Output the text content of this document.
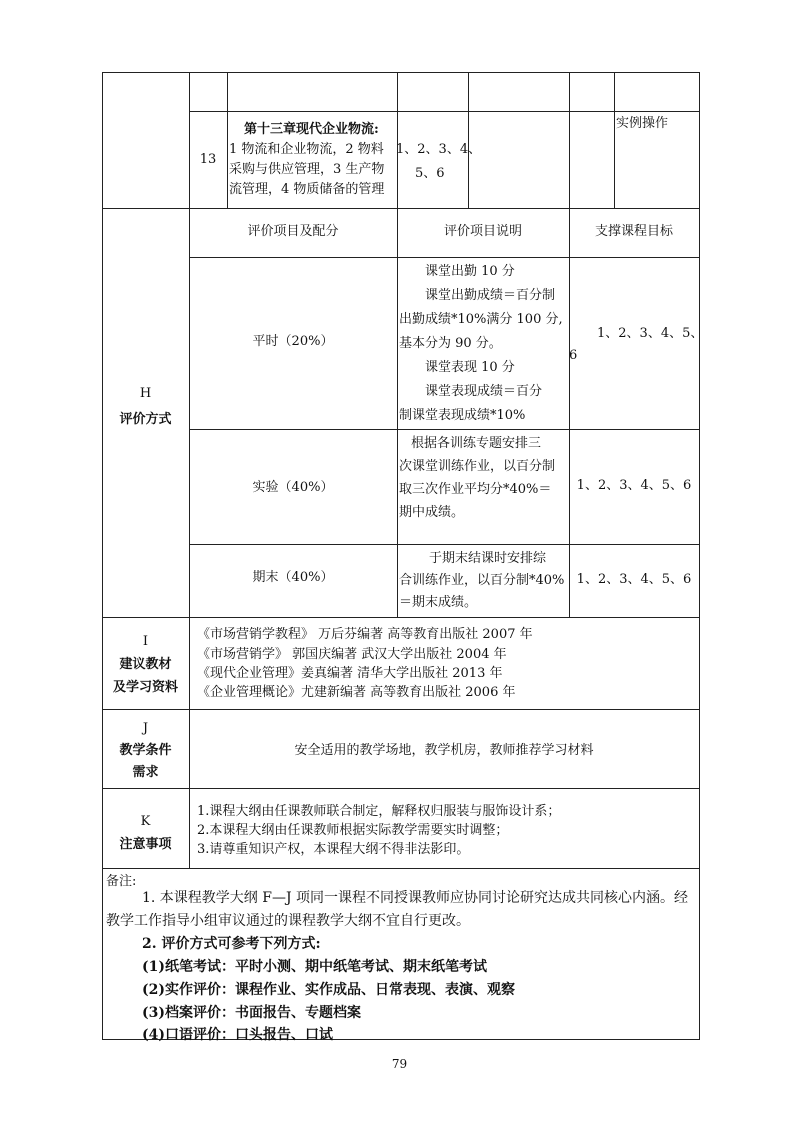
13
第十三章现代企业物流:
1 物流和企业物流，2 物料
采购与供应管理，3 生产物
流管理，4 物质储备的管理
1、2、3、4、
5、6
实例操作
H
评价方式
评价项目及配分	评价项目说明	支撑课程目标
平时（20%）
课堂出勤 10 分
课堂出勤成绩＝百分制
出勤成绩*10%满分 100 分,
基本分为 90 分。
课堂表现 10 分
课堂表现成绩＝百分
制课堂表现成绩*10%
1、2、3、4、5、
6
实验（40%）
根据各训练专题安排三
次课堂训练作业，以百分制
取三次作业平均分*40%＝
期中成绩。
1、2、3、4、5、6
期末（40%）
于期末结课时安排综
合训练作业，以百分制*40%
＝期末成绩。
1、2、3、4、5、6
I
建议教材
及学习资料
《市场营销学教程》 万后芬编著 高等教育出版社 2007 年
《市场营销学》 郭国庆编著 武汉大学出版社 2004 年
《现代企业管理》姜真编著 清华大学出版社 2013 年
《企业管理概论》尤建新编著 高等教育出版社 2006 年
J
教学条件
需求
安全适用的教学场地，教学机房，教师推荐学习材料
K
注意事项
1.课程大纲由任课教师联合制定，解释权归服装与服饰设计系；
2.本课程大纲由任课教师根据实际教学需要实时调整；
3.请尊重知识产权，本课程大纲不得非法影印。
备注:
1. 本课程教学大纲 F—J 项同一课程不同授课教师应协同讨论研究达成共同核心内涵。经
教学工作指导小组审议通过的课程教学大纲不宜自行更改。
2. 评价方式可参考下列方式:
(1)纸笔考试：平时小测、期中纸笔考试、期末纸笔考试
(2)实作评价：课程作业、实作成品、日常表现、表演、观察
(3)档案评价：书面报告、专题档案
(4)口语评价：口头报告、口试
79
